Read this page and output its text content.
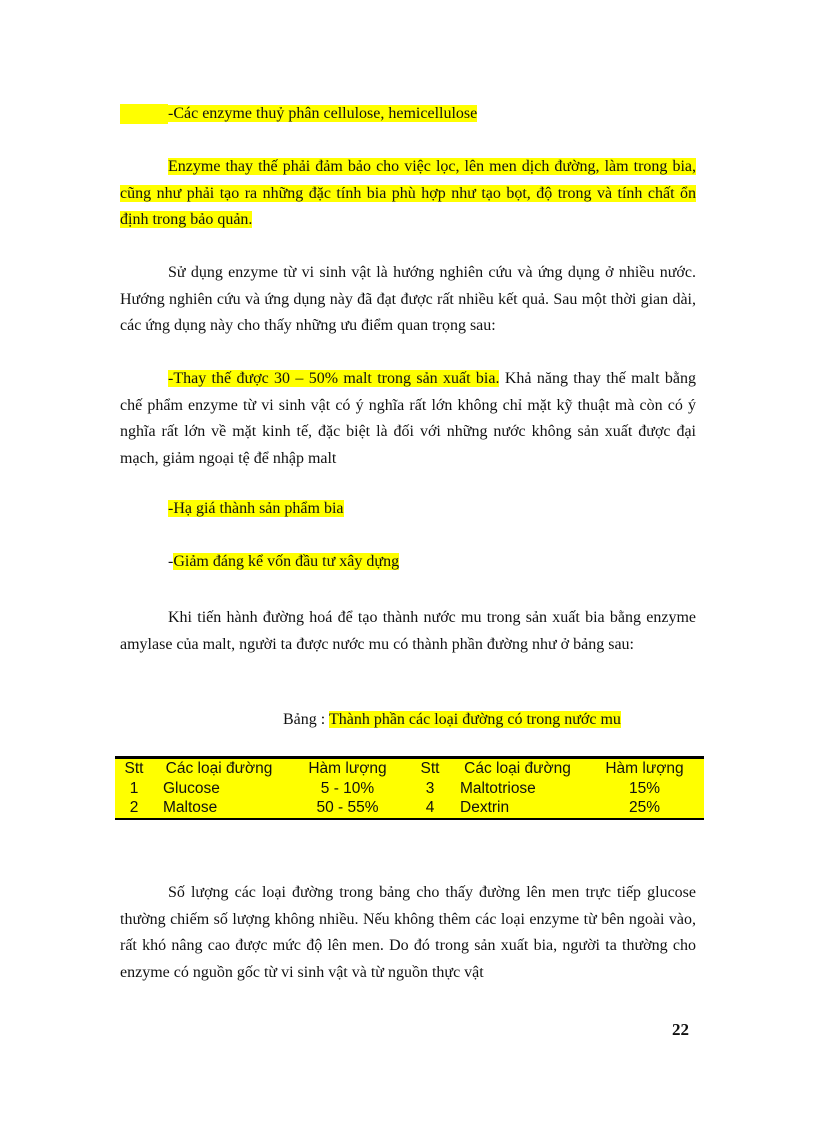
-Các enzyme thuỷ phân cellulose, hemicellulose

Enzyme thay thế phải đảm bảo cho việc lọc, lên men dịch đường, làm trong bia, cũng như phải tạo ra những đặc tính bia phù hợp như tạo bọt, độ trong và tính chất ổn định trong bảo quản.

Sử dụng enzyme từ vi sinh vật là hướng nghiên cứu và ứng dụng ở nhiều nước. Hướng nghiên cứu và ứng dụng này đã đạt được rất nhiều kết quả. Sau một thời gian dài, các ứng dụng này cho thấy những ưu điểm quan trọng sau:

-Thay thế được 30 – 50% malt trong sản xuất bia. Khả năng thay thế malt bằng chế phẩm enzyme từ vi sinh vật có ý nghĩa rất lớn không chỉ mặt kỹ thuật mà còn có ý nghĩa rất lớn về mặt kinh tế, đặc biệt là đối với những nước không sản xuất được đại mạch, giảm ngoại tệ để nhập malt

-Hạ giá thành sản phẩm bia
-Giảm đáng kể vốn đầu tư xây dựng

Khi tiến hành đường hoá để tạo thành nước mu trong sản xuất bia bằng enzyme amylase của malt, người ta được nước mu có thành phần đường như ở bảng sau:

Bảng : Thành phần các loại đường có trong nước mu
Stt	Các loại đường	Hàm lượng	Stt	Các loại đường	Hàm lượng
1	Glucose	5 - 10%	3	Maltotriose	15%
2	Maltose	50 - 55%	4	Dextrin	25%

Số lượng các loại đường trong bảng cho thấy đường lên men trực tiếp glucose thường chiếm số lượng không nhiều. Nếu không thêm các loại enzyme từ bên ngoài vào, rất khó nâng cao được mức độ lên men. Do đó trong sản xuất bia, người ta thường cho enzyme có nguồn gốc từ vi sinh vật và từ nguồn thực vật

22
